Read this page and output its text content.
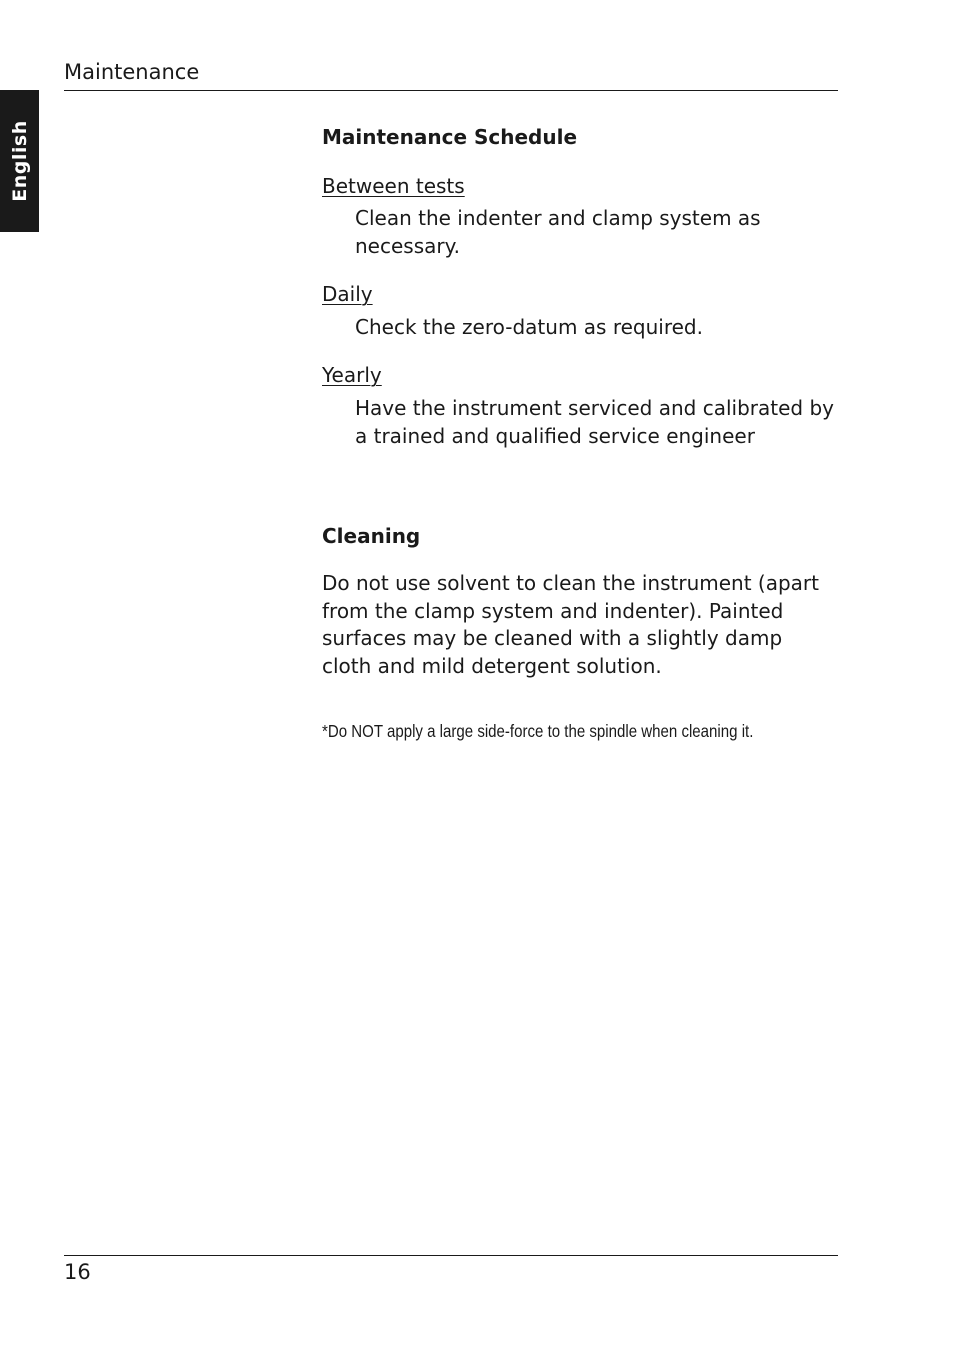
Maintenance
English	Maintenance Schedule
Between tests
Clean the indenter and clamp system as necessary.
Daily
Check the zero-datum as required.
Yearly
Have the instrument serviced and calibrated by a trained and qualified service engineer
Cleaning
Do not use solvent to clean the instrument (apart from the clamp system and indenter). Painted surfaces may be cleaned with a slightly damp cloth and mild detergent solution.
*Do NOT apply a large side-force to the spindle when cleaning it.
16
